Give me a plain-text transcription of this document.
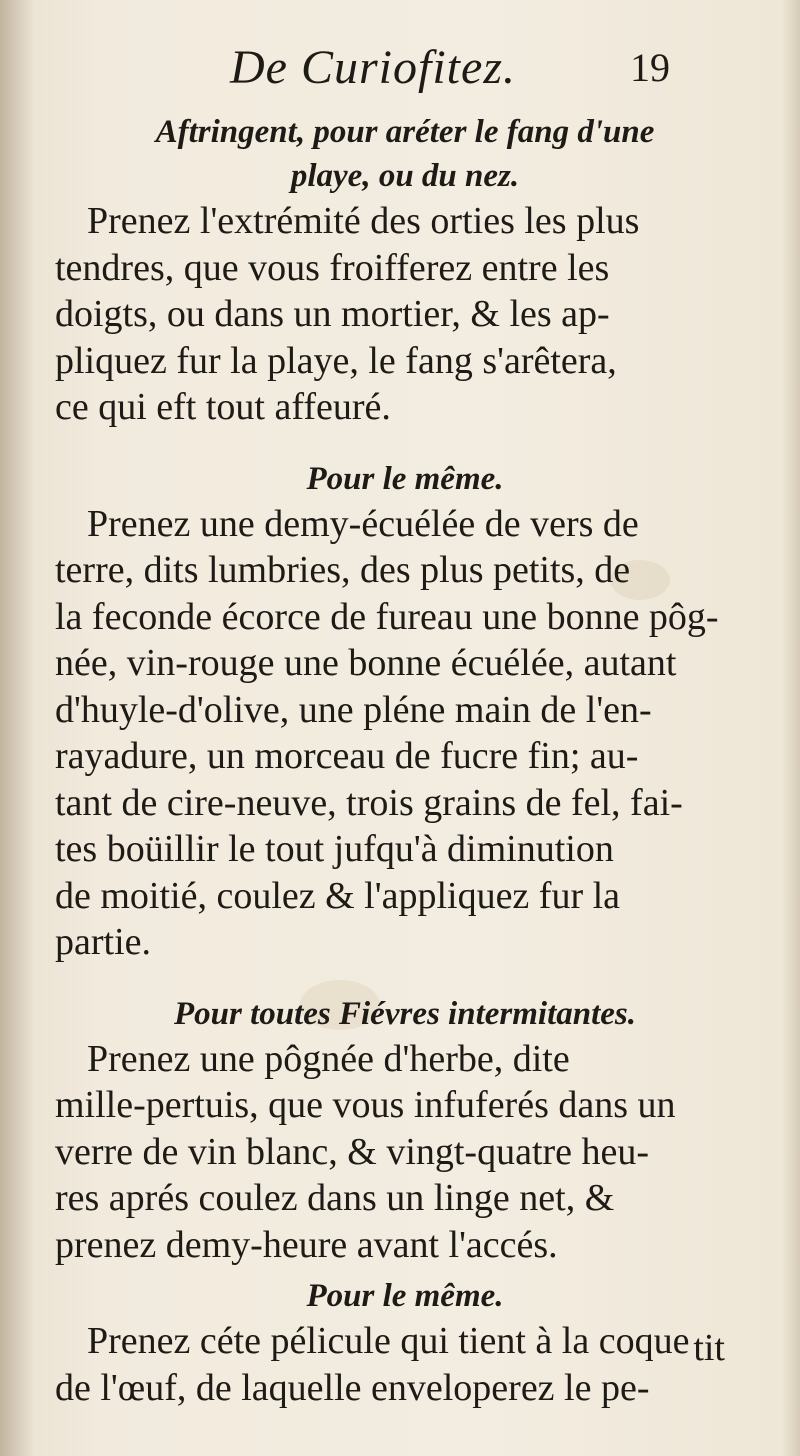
De Curiofitez.	19
Aftringent, pour aréter le fang d'une
playe, ou du nez.
Prenez l'extrémité des orties les plus
tendres, que vous froifferez entre les
doigts, ou dans un mortier, & les ap-
pliquez fur la playe, le fang s'arêtera,
ce qui eft tout affeuré.
Pour le même.
Prenez une demy-écuélée de vers de
terre, dits lumbries, des plus petits, de
la feconde écorce de fureau une bonne pôg-
née, vin-rouge une bonne écuélée, autant
d'huyle-d'olive, une pléne main de l'en-
rayadure, un morceau de fucre fin; au-
tant de cire-neuve, trois grains de fel, fai-
tes boüillir le tout jufqu'à diminution
de moitié, coulez & l'appliquez fur la
partie.
Pour toutes Fiévres intermitantes.
Prenez une pôgnée d'herbe, dite
mille-pertuis, que vous infuferés dans un
verre de vin blanc, & vingt-quatre heu-
res aprés coulez dans un linge net, &
prenez demy-heure avant l'accés.
Pour le même.
Prenez céte pélicule qui tient à la coque
de l'œuf, de laquelle enveloperez le pe-
tit
